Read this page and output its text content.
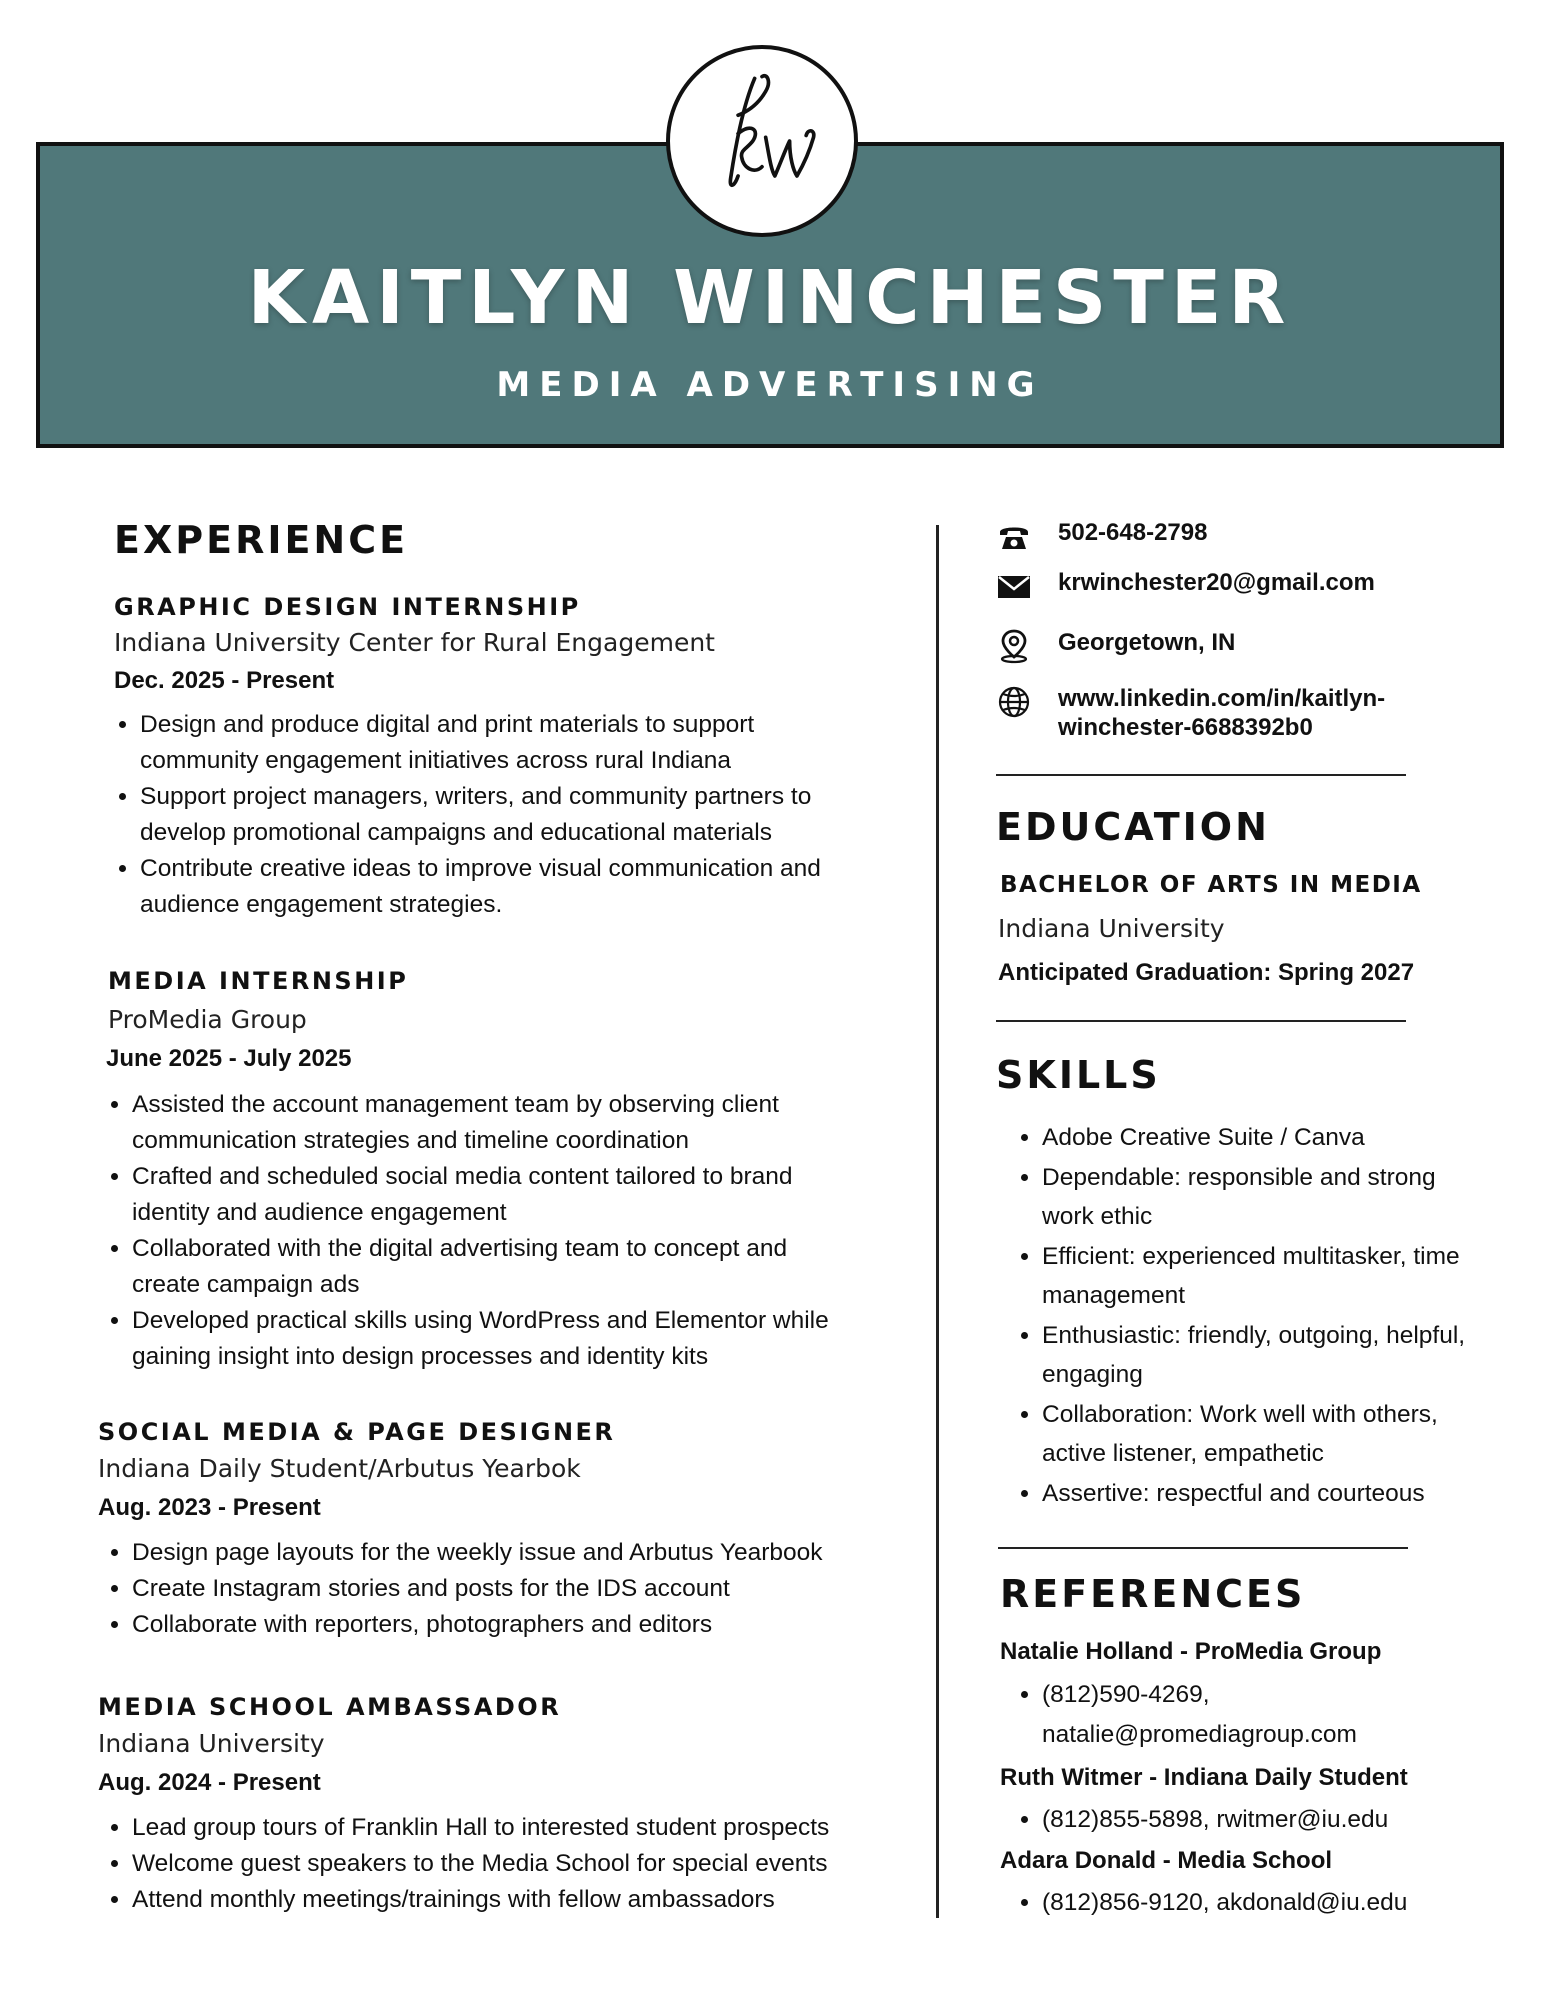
KAITLYN WINCHESTER
MEDIA ADVERTISING
EXPERIENCE
GRAPHIC DESIGN INTERNSHIP
Indiana University Center for Rural Engagement
Dec. 2025 - Present
• Design and produce digital and print materials to support community engagement initiatives across rural Indiana
• Support project managers, writers, and community partners to develop promotional campaigns and educational materials
• Contribute creative ideas to improve visual communication and audience engagement strategies.
MEDIA INTERNSHIP
ProMedia Group
June 2025 - July 2025
• Assisted the account management team by observing client communication strategies and timeline coordination
• Crafted and scheduled social media content tailored to brand identity and audience engagement
• Collaborated with the digital advertising team to concept and create campaign ads
• Developed practical skills using WordPress and Elementor while gaining insight into design processes and identity kits
SOCIAL MEDIA & PAGE DESIGNER
Indiana Daily Student/Arbutus Yearbok
Aug. 2023 - Present
• Design page layouts for the weekly issue and Arbutus Yearbook
• Create Instagram stories and posts for the IDS account
• Collaborate with reporters, photographers and editors
MEDIA SCHOOL AMBASSADOR
Indiana University
Aug. 2024 - Present
• Lead group tours of Franklin Hall to interested student prospects
• Welcome guest speakers to the Media School for special events
• Attend monthly meetings/trainings with fellow ambassadors
502-648-2798
krwinchester20@gmail.com
Georgetown, IN
www.linkedin.com/in/kaitlyn-winchester-6688392b0
EDUCATION
BACHELOR OF ARTS IN MEDIA
Indiana University
Anticipated Graduation: Spring 2027
SKILLS
• Adobe Creative Suite / Canva
• Dependable: responsible and strong work ethic
• Efficient: experienced multitasker, time management
• Enthusiastic: friendly, outgoing, helpful, engaging
• Collaboration: Work well with others, active listener, empathetic
• Assertive: respectful and courteous
REFERENCES
Natalie Holland - ProMedia Group
• (812)590-4269, natalie@promediagroup.com
Ruth Witmer - Indiana Daily Student
• (812)855-5898, rwitmer@iu.edu
Adara Donald - Media School
• (812)856-9120, akdonald@iu.edu
